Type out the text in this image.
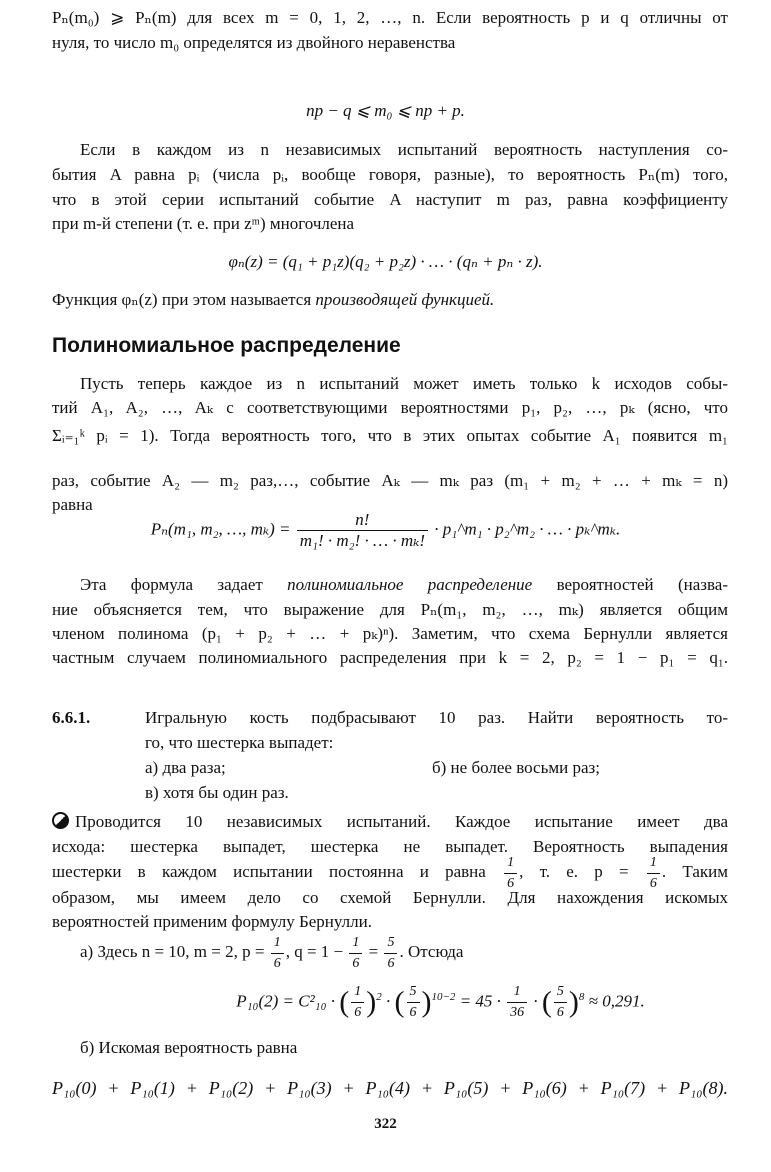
Pₙ(m₀) ⩾ Pₙ(m) для всех m = 0, 1, 2, …, n. Если вероятность p и q отличны от
нуля, то число m₀ определятся из двойного неравенства
np − q ⩽ m₀ ⩽ np + p.
Если в каждом из n независимых испытаний вероятность наступления со-
бытия A равна pᵢ (числа pᵢ, вообще говоря, разные), то вероятность Pₙ(m) того,
что в этой серии испытаний событие A наступит m раз, равна коэффициенту
при m-й степени (т. е. при zᵐ) многочлена
φₙ(z) = (q₁ + p₁z)(q₂ + p₂z) · … · (qₙ + pₙ · z).
Функция φₙ(z) при этом называется производящей функцией.
Полиномиальное распределение
Пусть теперь каждое из n испытаний может иметь только k исходов собы-
тий A₁, A₂, …, Aₖ с соответствующими вероятностями p₁, p₂, …, pₖ (ясно, что
Σᵢ₌₁ᵏ pᵢ = 1). Тогда вероятность того, что в этих опытах событие A₁ появится m₁
раз, событие A₂ — m₂ раз,…, событие Aₖ — mₖ раз (m₁ + m₂ + … + mₖ = n)
равна
Pₙ(m₁, m₂, …, $m_k) = \frac{n!}{\text{m₁! · m₂! · … · mₖ!}}$ · p₁^m₁ · p₂^m₂ · … · pₖ^mₖ.
Эта формула задает полиномиальное распределение вероятностей (назва-
ние объясняется тем, что выражение для Pₙ(m₁, m₂, …, mₖ) является общим
членом полинома (p₁ + p₂ + … + pₖ)ⁿ). Заметим, что схема Бернулли является
частным случаем полиномиального распределения при k = 2, p₂ = 1 − p₁ = q₁.
6.6.1.	Игральную кость подбрасывают 10 раз. Найти вероятность то-
го, что шестерка выпадет:
а) два раза;	б) не более восьми раз;
в) хотя бы один раз.
Проводится 10 независимых испытаний. Каждое испытание имеет два
исхода: шестерка выпадет, шестерка не выпадет. Вероятность выпадения
шестерки в каждом испытании постоянна и равна $\frac{1}{6}$ , т. е. $p = \frac{1}{6}$ . Таким
образом, мы имеем дело со схемой Бернулли. Для нахождения искомых
вероятностей применим формулу Бернулли.
а) Здесь n = 10, m = 2, $p = \frac{1}{6}$ , $q = 1 - \frac{1}{6} = \frac{5}{6}$ . Отсюда
P₁₀(2) = C²₁₀ · ( $\frac{1}{6} )^2$ · ( $\frac{5}{6} )^{10-2} = 45 \cdot \frac{1}{36}$ · ( $\frac{5}{6} )^8 \approx 0,291$.
б) Искомая вероятность равна
P₁₀(0) + P₁₀(1) + P₁₀(2) + P₁₀(3) + P₁₀(4) + P₁₀(5) + P₁₀(6) + P₁₀(7) + P₁₀(8).
322
